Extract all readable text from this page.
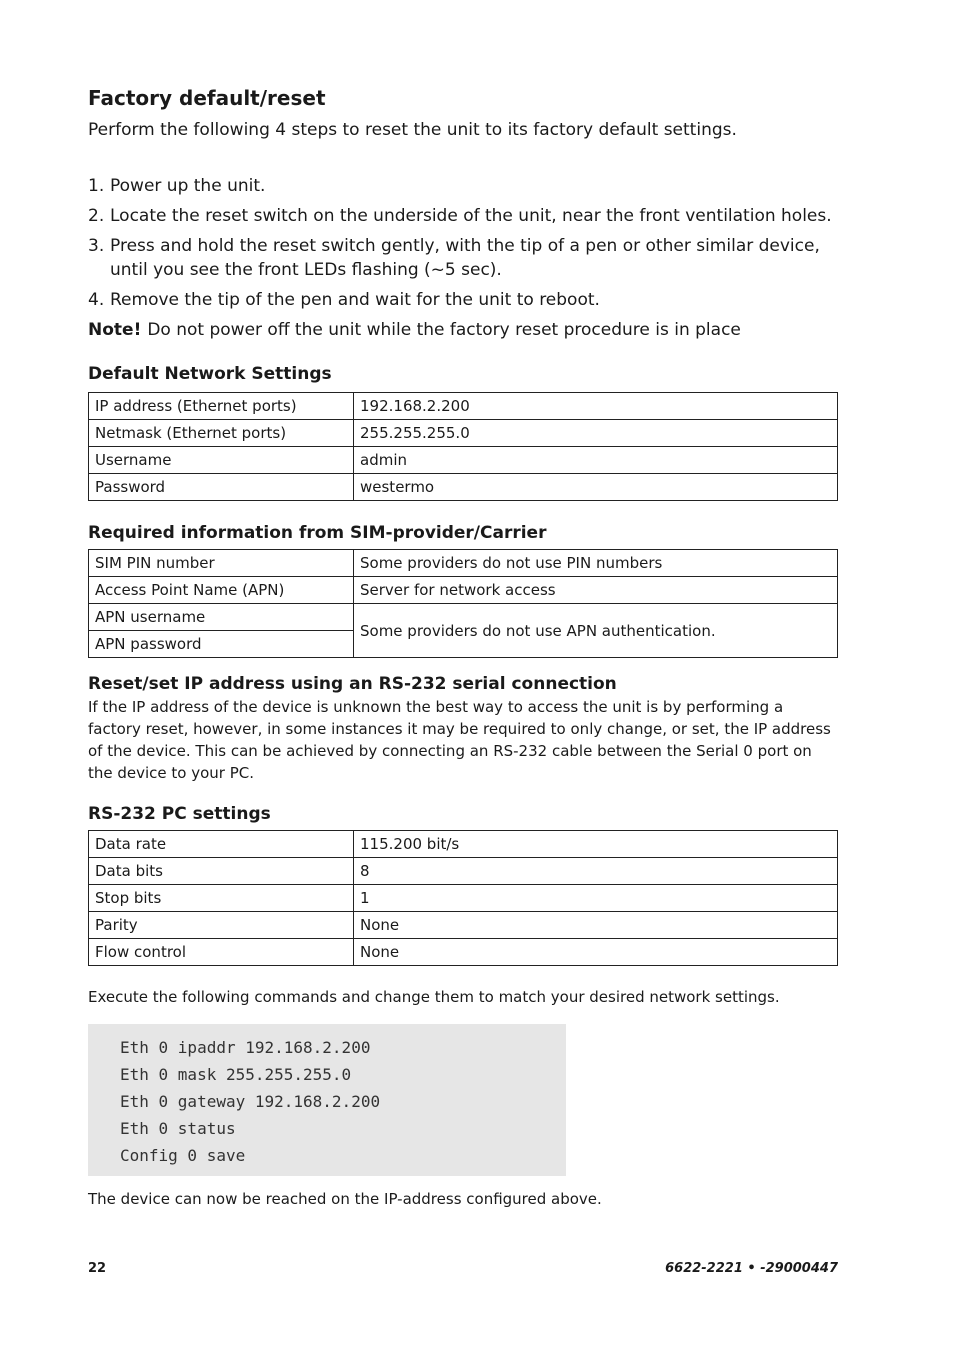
Factory default/reset

Perform the following 4 steps to reset the unit to its factory default settings.

1. Power up the unit.
2. Locate the reset switch on the underside of the unit, near the front ventilation holes.
3. Press and hold the reset switch gently, with the tip of a pen or other similar device, until you see the front LEDs flashing (~5 sec).
4. Remove the tip of the pen and wait for the unit to reboot.

Note! Do not power off the unit while the factory reset procedure is in place

Default Network Settings
IP address (Ethernet ports)	192.168.2.200
Netmask (Ethernet ports)	255.255.255.0
Username	admin
Password	westermo
Required information from SIM-provider/Carrier
SIM PIN number	Some providers do not use PIN numbers
Access Point Name (APN)	Server for network access
APN username	Some providers do not use APN authentication.
APN password	
Reset/set IP address using an RS-232 serial connection

If the IP address of the device is unknown the best way to access the unit is by performing a factory reset, however, in some instances it may be required to only change, or set, the IP address of the device. This can be achieved by connecting an RS-232 cable between the Serial 0 port on the device to your PC.

RS-232 PC settings
Data rate	115.200 bit/s
Data bits	8
Stop bits	1
Parity	None
Flow control	None

Execute the following commands and change them to match your desired network settings.

Eth 0 ipaddr 192.168.2.200
Eth 0 mask 255.255.255.0
Eth 0 gateway 192.168.2.200
Eth 0 status
Config 0 save

The device can now be reached on the IP-address configured above.

22	6622-2221 • -29000447
